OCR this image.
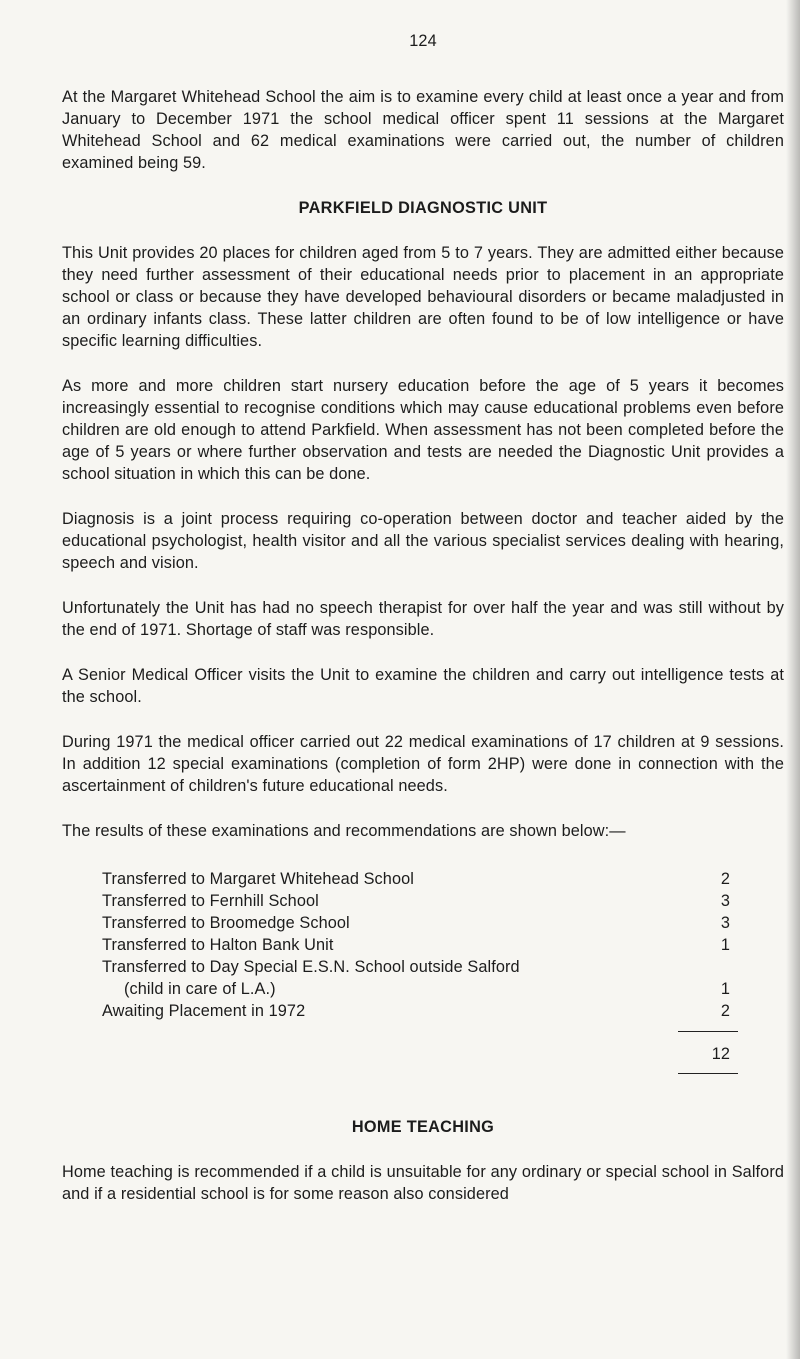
124

At the Margaret Whitehead School the aim is to examine every child at least once a year and from January to December 1971 the school medical officer spent 11 sessions at the Margaret Whitehead School and 62 medical examinations were carried out, the number of children examined being 59.

PARKFIELD DIAGNOSTIC UNIT

This Unit provides 20 places for children aged from 5 to 7 years. They are admitted either because they need further assessment of their educational needs prior to placement in an appropriate school or class or because they have developed behavioural disorders or became maladjusted in an ordinary infants class. These latter children are often found to be of low intelligence or have specific learning difficulties.

As more and more children start nursery education before the age of 5 years it becomes increasingly essential to recognise conditions which may cause educational problems even before children are old enough to attend Parkfield. When assessment has not been completed before the age of 5 years or where further observation and tests are needed the Diagnostic Unit provides a school situation in which this can be done.

Diagnosis is a joint process requiring co-operation between doctor and teacher aided by the educational psychologist, health visitor and all the various specialist services dealing with hearing, speech and vision.

Unfortunately the Unit has had no speech therapist for over half the year and was still without by the end of 1971. Shortage of staff was responsible.

A Senior Medical Officer visits the Unit to examine the children and carry out intelligence tests at the school.

During 1971 the medical officer carried out 22 medical examinations of 17 children at 9 sessions. In addition 12 special examinations (completion of form 2HP) were done in connection with the ascertainment of children's future educational needs.

The results of these examinations and recommendations are shown below:—

Transferred to Margaret Whitehead School	2
Transferred to Fernhill School	3
Transferred to Broomedge School	3
Transferred to Halton Bank Unit	1
Transferred to Day Special E.S.N. School outside Salford
(child in care of L.A.)	1
Awaiting Placement in 1972	2
12
HOME TEACHING

Home teaching is recommended if a child is unsuitable for any ordinary or special school in Salford and if a residential school is for some reason also considered
